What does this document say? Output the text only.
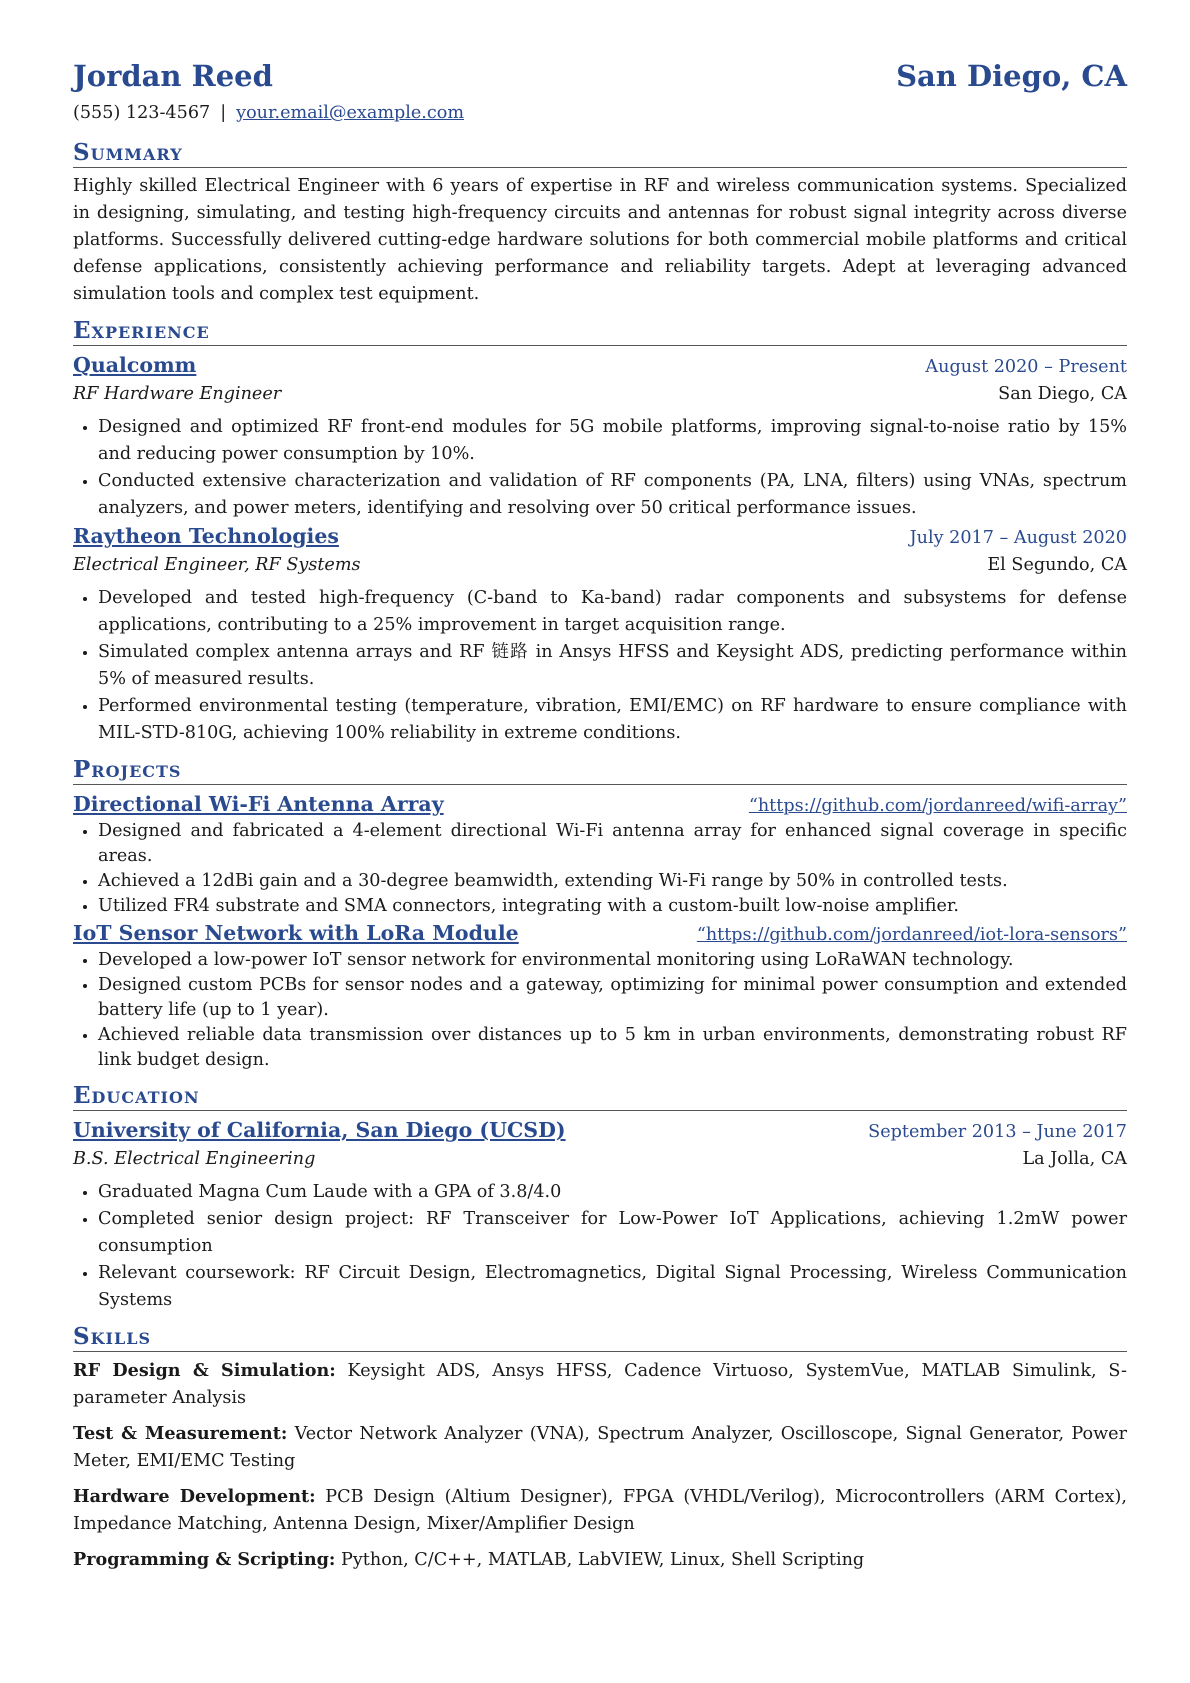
Jordan Reed	San Diego, CA
(555) 123-4567 | your.email@example.com
Summary
Highly skilled Electrical Engineer with 6 years of expertise in RF and wireless communication systems. Specialized in designing, simulating, and testing high-frequency circuits and antennas for robust signal integrity across diverse platforms. Successfully delivered cutting-edge hardware solutions for both commercial mobile platforms and critical defense applications, consistently achieving performance and reliability targets. Adept at leveraging advanced simulation tools and complex test equipment.
Experience
Qualcomm	August 2020 – Present
RF Hardware Engineer	San Diego, CA
• Designed and optimized RF front-end modules for 5G mobile platforms, improving signal-to-noise ratio by 15% and reducing power consumption by 10%.
• Conducted extensive characterization and validation of RF components (PA, LNA, filters) using VNAs, spectrum analyzers, and power meters, identifying and resolving over 50 critical performance issues.
Raytheon Technologies	July 2017 – August 2020
Electrical Engineer, RF Systems	El Segundo, CA
• Developed and tested high-frequency (C-band to Ka-band) radar components and subsystems for defense applications, contributing to a 25% improvement in target acquisition range.
• Simulated complex antenna arrays and RF 链路 in Ansys HFSS and Keysight ADS, predicting performance within 5% of measured results.
• Performed environmental testing (temperature, vibration, EMI/EMC) on RF hardware to ensure compliance with MIL-STD-810G, achieving 100% reliability in extreme conditions.
Projects
Directional Wi-Fi Antenna Array	“https://github.com/jordanreed/wifi-array”
• Designed and fabricated a 4-element directional Wi-Fi antenna array for enhanced signal coverage in specific areas.
• Achieved a 12dBi gain and a 30-degree beamwidth, extending Wi-Fi range by 50% in controlled tests.
• Utilized FR4 substrate and SMA connectors, integrating with a custom-built low-noise amplifier.
IoT Sensor Network with LoRa Module	“https://github.com/jordanreed/iot-lora-sensors”
• Developed a low-power IoT sensor network for environmental monitoring using LoRaWAN technology.
• Designed custom PCBs for sensor nodes and a gateway, optimizing for minimal power consumption and extended battery life (up to 1 year).
• Achieved reliable data transmission over distances up to 5 km in urban environments, demonstrating robust RF link budget design.
Education
University of California, San Diego (UCSD)	September 2013 – June 2017
B.S. Electrical Engineering	La Jolla, CA
• Graduated Magna Cum Laude with a GPA of 3.8/4.0
• Completed senior design project: RF Transceiver for Low-Power IoT Applications, achieving 1.2mW power consumption
• Relevant coursework: RF Circuit Design, Electromagnetics, Digital Signal Processing, Wireless Communication Systems
Skills
RF Design & Simulation: Keysight ADS, Ansys HFSS, Cadence Virtuoso, SystemVue, MATLAB Simulink, S-parameter Analysis
Test & Measurement: Vector Network Analyzer (VNA), Spectrum Analyzer, Oscilloscope, Signal Generator, Power Meter, EMI/EMC Testing
Hardware Development: PCB Design (Altium Designer), FPGA (VHDL/Verilog), Microcontrollers (ARM Cortex), Impedance Matching, Antenna Design, Mixer/Amplifier Design
Programming & Scripting: Python, C/C++, MATLAB, LabVIEW, Linux, Shell Scripting
